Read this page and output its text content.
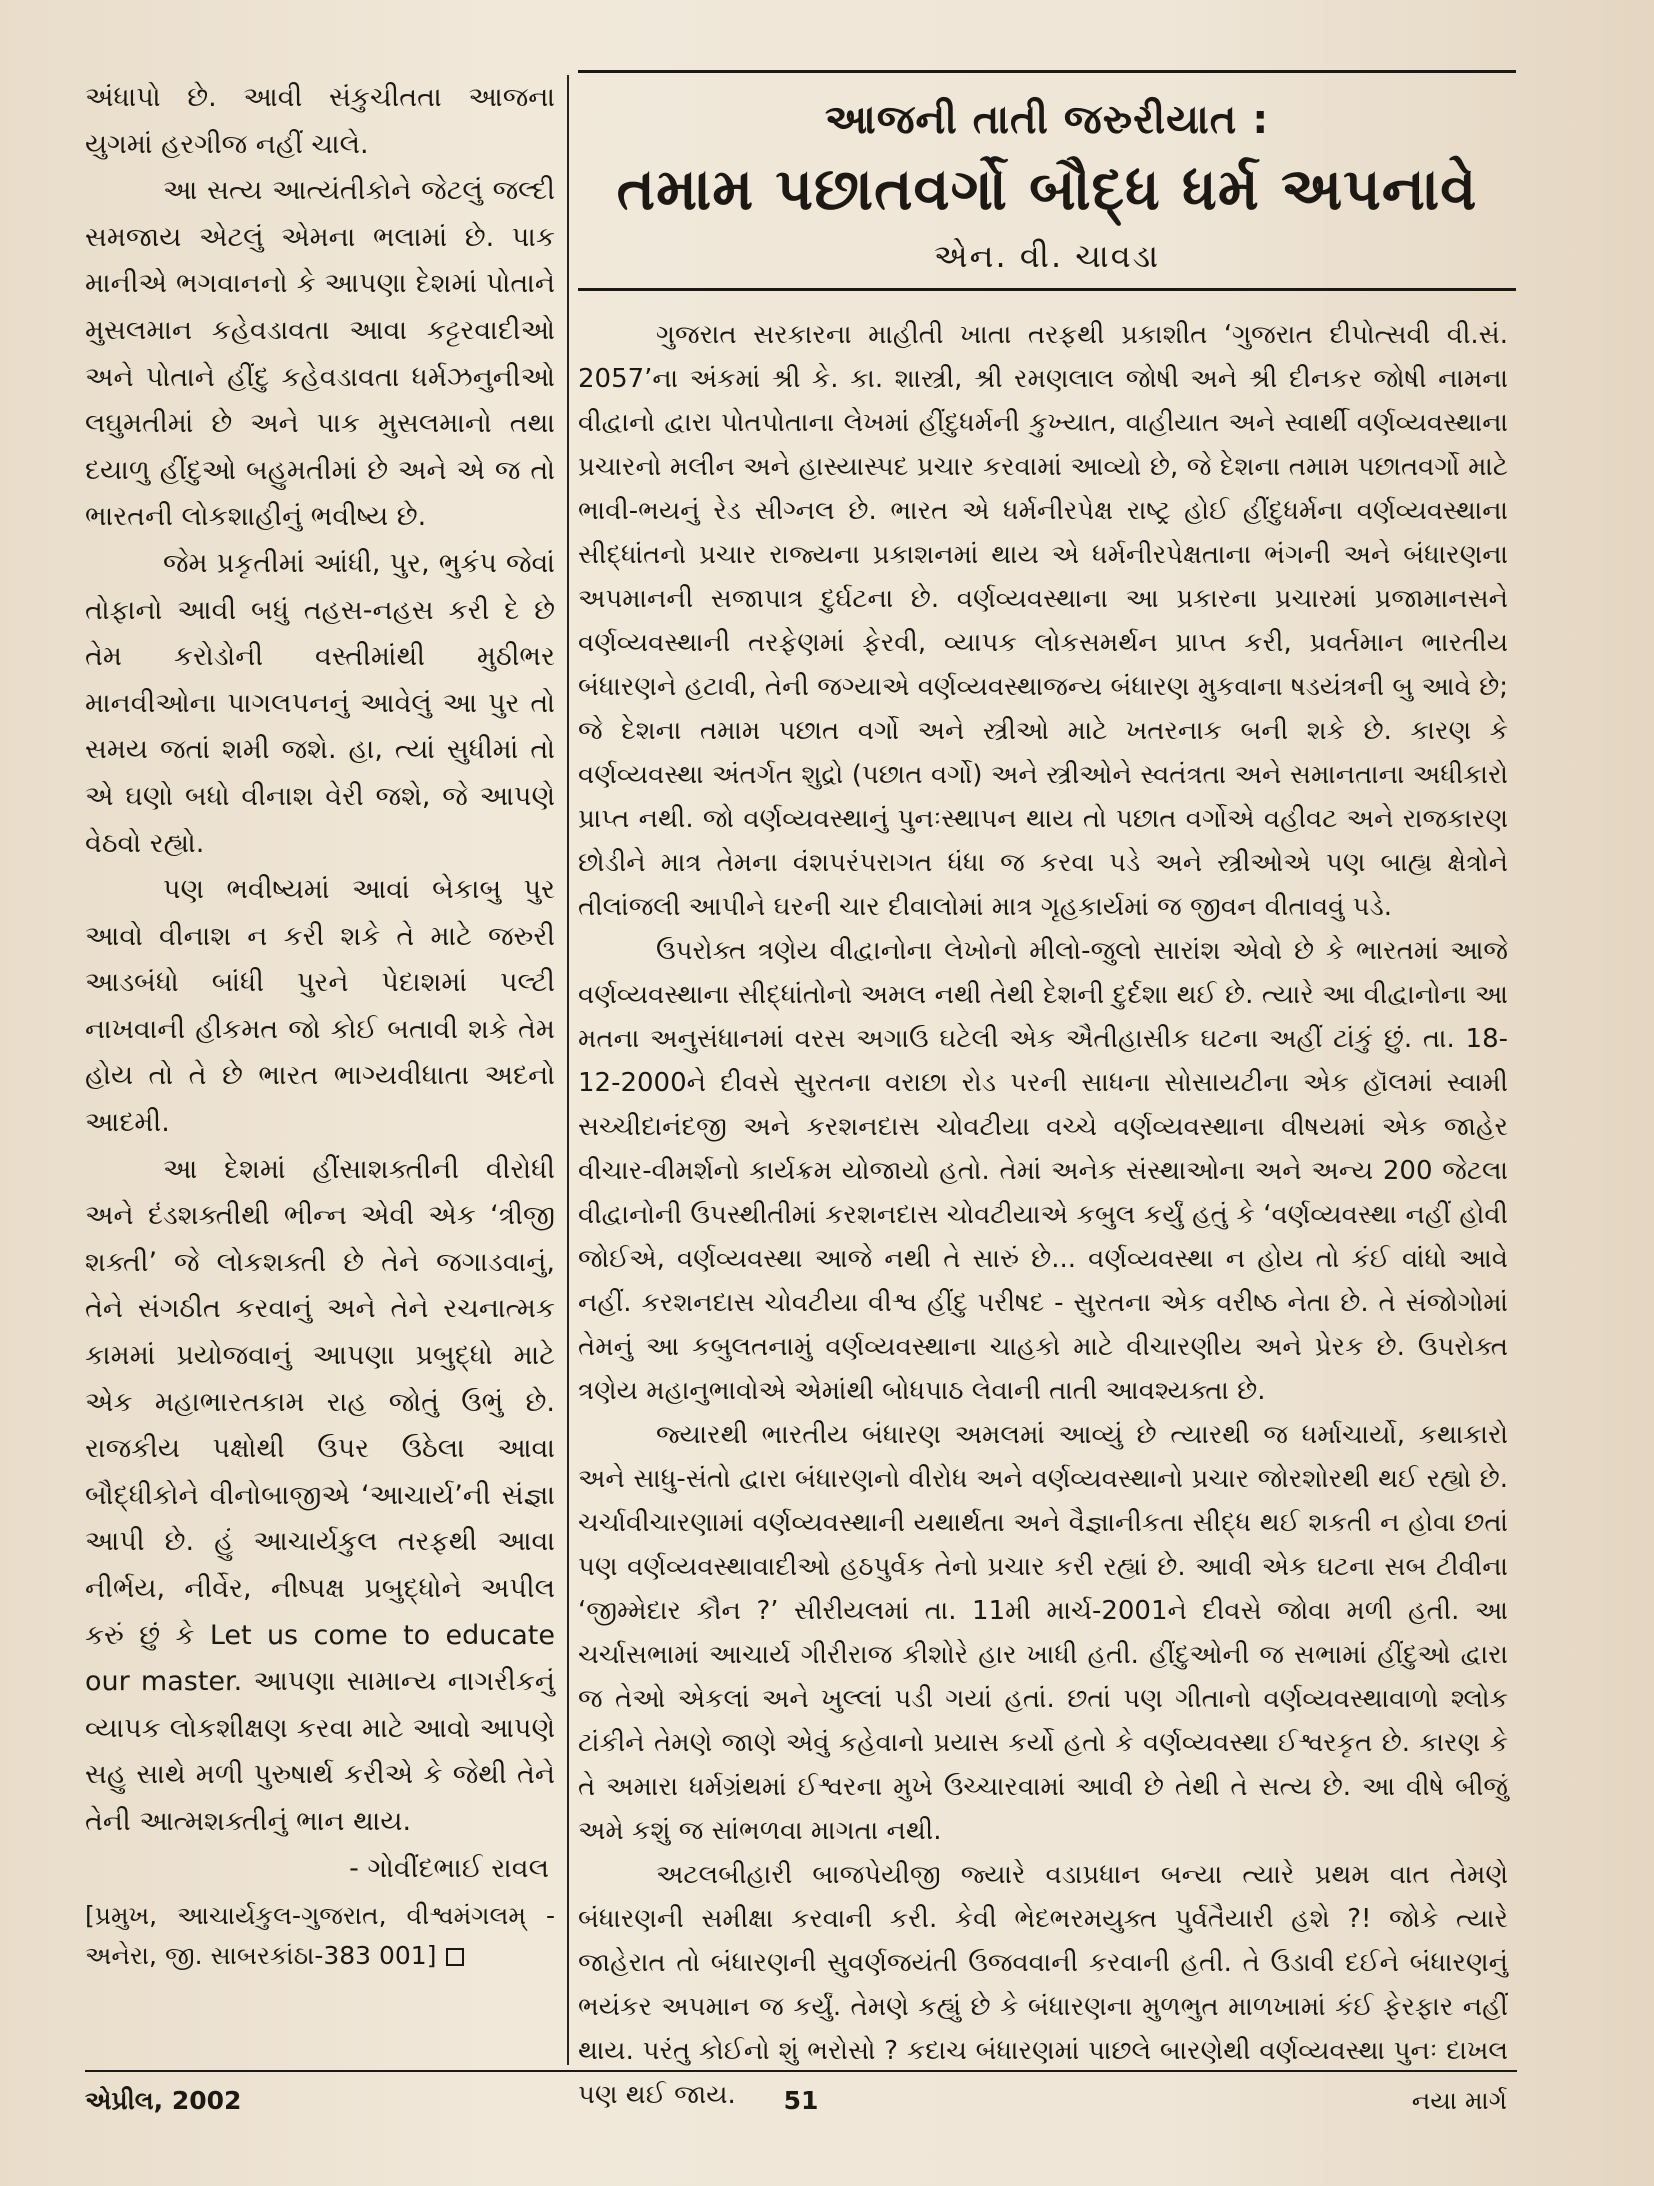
અંધાપો છે. આવી સંકુચીતતા આજના યુગમાં હરગીજ નહીં ચાલે.

આ સત્ય આત્યંતીકોને જેટલું જલ્દી સમજાય એટલું એમના ભલામાં છે. પાક માનીએ ભગવાનનો કે આપણા દેશમાં પોતાને મુસલમાન કહેવડાવતા આવા કટ્ટરવાદીઓ અને પોતાને હીંદુ કહેવડાવતા ધર્મઝનુનીઓ લઘુમતીમાં છે અને પાક મુસલમાનો તથા દયાળુ હીંદુઓ બહુમતીમાં છે અને એ જ તો ભારતની લોકશાહીનું ભવીષ્ય છે.

જેમ પ્રકૃતીમાં આંધી, પુર, ભુકંપ જેવાં તોફાનો આવી બધું તહસ-નહસ કરી દે છે તેમ કરોડોની વસ્તીમાંથી મુઠીભર માનવીઓના પાગલપનનું આવેલું આ પુર તો સમય જતાં શમી જશે. હા, ત્યાં સુધીમાં તો એ ઘણો બધો વીનાશ વેરી જશે, જે આપણે વેઠવો રહ્યો.

પણ ભવીષ્યમાં આવાં બેકાબુ પુર આવો વીનાશ ન કરી શકે તે માટે જરુરી આડબંધો બાંધી પુરને પેદાશમાં પલ્ટી નાખવાની હીકમત જો કોઈ બતાવી શકે તેમ હોય તો તે છે ભારત ભાગ્યવીધાતા અદનો આદમી.

આ દેશમાં હીંસાશક્તીની વીરોધી અને દંડશક્તીથી ભીન્ન એવી એક ‘ત્રીજી શક્તી’ જે લોકશક્તી છે તેને જગાડવાનું, તેને સંગઠીત કરવાનું અને તેને રચનાત્મક કામમાં પ્રયોજવાનું આપણા પ્રબુદ્ધો માટે એક મહાભારતકામ રાહ જોતું ઉભું છે. રાજકીય પક્ષોથી ઉપર ઉઠેલા આવા બૌદ્ધીકોને વીનોબાજીએ ‘આચાર્ય’ની સંજ્ઞા આપી છે. હું આચાર્યકુલ તરફથી આવા નીર્ભય, નીર્વેર, નીષ્પક્ષ પ્રબુદ્ધોને અપીલ કરું છું કે Let us come to educate our master. આપણા સામાન્ય નાગરીકનું વ્યાપક લોકશીક્ષણ કરવા માટે આવો આપણે સહુ સાથે મળી પુરુષાર્થ કરીએ કે જેથી તેને તેની આત્મશક્તીનું ભાન થાય.

- ગોવીંદભાઈ રાવલ

[પ્રમુખ, આચાર્યકુલ-ગુજરાત, વીશ્વમંગલમ્ - અનેરા, જી. સાબરકાંઠા-383 001]

આજની તાતી જરુરીયાત :
તમામ પછાતવર્ગો બૌદ્ધ ધર્મ અપનાવે
એન. વી. ચાવડા

ગુજરાત સરકારના માહીતી ખાતા તરફથી પ્રકાશીત ‘ગુજરાત દીપોત્સવી વી.સં. 2057’ના અંકમાં શ્રી કે. કા. શાસ્ત્રી, શ્રી રમણલાલ જોષી અને શ્રી દીનકર જોષી નામના વીદ્વાનો દ્વારા પોતપોતાના લેખમાં હીંદુધર્મની કુખ્યાત, વાહીયાત અને સ્વાર્થી વર્ણવ્યવસ્થાના પ્રચારનો મલીન અને હાસ્યાસ્પદ પ્રચાર કરવામાં આવ્યો છે, જે દેશના તમામ પછાતવર્ગો માટે ભાવી-ભયનું રેડ સીગ્નલ છે. ભારત એ ધર્મનીરપેક્ષ રાષ્ટ્ર હોઈ હીંદુધર્મના વર્ણવ્યવસ્થાના સીદ્ધાંતનો પ્રચાર રાજ્યના પ્રકાશનમાં થાય એ ધર્મનીરપેક્ષતાના ભંગની અને બંધારણના અપમાનની સજાપાત્ર દુર્ઘટના છે. વર્ણવ્યવસ્થાના આ પ્રકારના પ્રચારમાં પ્રજામાનસને વર્ણવ્યવસ્થાની તરફેણમાં ફેરવી, વ્યાપક લોકસમર્થન પ્રાપ્ત કરી, પ્રવર્તમાન ભારતીય બંધારણને હટાવી, તેની જગ્યાએ વર્ણવ્યવસ્થાજન્ય બંધારણ મુકવાના ષડયંત્રની બુ આવે છે; જે દેશના તમામ પછાત વર્ગો અને સ્ત્રીઓ માટે ખતરનાક બની શકે છે. કારણ કે વર્ણવ્યવસ્થા અંતર્ગત શુદ્રો (પછાત વર્ગો) અને સ્ત્રીઓને સ્વતંત્રતા અને સમાનતાના અધીકારો પ્રાપ્ત નથી. જો વર્ણવ્યવસ્થાનું પુનઃસ્થાપન થાય તો પછાત વર્ગોએ વહીવટ અને રાજકારણ છોડીને માત્ર તેમના વંશપરંપરાગત ધંધા જ કરવા પડે અને સ્ત્રીઓએ પણ બાહ્ય ક્ષેત્રોને તીલાંજલી આપીને ઘરની ચાર દીવાલોમાં માત્ર ગૃહકાર્યમાં જ જીવન વીતાવવું પડે.

ઉપરોક્ત ત્રણેય વીદ્વાનોના લેખોનો મીલો-જુલો સારાંશ એવો છે કે ભારતમાં આજે વર્ણવ્યવસ્થાના સીદ્ધાંતોનો અમલ નથી તેથી દેશની દુર્દશા થઈ છે. ત્યારે આ વીદ્વાનોના આ મતના અનુસંધાનમાં વરસ અગાઉ ઘટેલી એક ઐતીહાસીક ઘટના અહીં ટાંકું છું. તા. 18-12-2000ને દીવસે સુરતના વરાછા રોડ પરની સાધના સોસાયટીના એક હૉલમાં સ્વામી સચ્ચીદાનંદજી અને કરશનદાસ ચોવટીયા વચ્ચે વર્ણવ્યવસ્થાના વીષયમાં એક જાહેર વીચાર-વીમર્શનો કાર્યક્રમ યોજાયો હતો. તેમાં અનેક સંસ્થાઓના અને અન્ય 200 જેટલા વીદ્વાનોની ઉપસ્થીતીમાં કરશનદાસ ચોવટીયાએ કબુલ કર્યું હતું કે ‘વર્ણવ્યવસ્થા નહીં હોવી જોઈએ, વર્ણવ્યવસ્થા આજે નથી તે સારું છે... વર્ણવ્યવસ્થા ન હોય તો કંઈ વાંધો આવે નહીં. કરશનદાસ ચોવટીયા વીશ્વ હીંદુ પરીષદ - સુરતના એક વરીષ્ઠ નેતા છે. તે સંજોગોમાં તેમનું આ કબુલતનામું વર્ણવ્યવસ્થાના ચાહકો માટે વીચારણીય અને પ્રેરક છે. ઉપરોક્ત ત્રણેય મહાનુભાવોએ એમાંથી બોધપાઠ લેવાની તાતી આવશ્યક્તા છે.

જ્યારથી ભારતીય બંધારણ અમલમાં આવ્યું છે ત્યારથી જ ધર્માચાર્યો, કથાકારો અને સાધુ-સંતો દ્વારા બંધારણનો વીરોધ અને વર્ણવ્યવસ્થાનો પ્રચાર જોરશોરથી થઈ રહ્યો છે. ચર્ચાવીચારણામાં વર્ણવ્યવસ્થાની યથાર્થતા અને વૈજ્ઞાનીકતા સીદ્ધ થઈ શકતી ન હોવા છતાં પણ વર્ણવ્યવસ્થાવાદીઓ હઠપુર્વક તેનો પ્રચાર કરી રહ્યાં છે. આવી એક ઘટના સબ ટીવીના ‘જીમ્મેદાર કૌન ?’ સીરીયલમાં તા. 11મી માર્ચ-2001ને દીવસે જોવા મળી હતી. આ ચર્ચાસભામાં આચાર્ય ગીરીરાજ કીશોરે હાર ખાધી હતી. હીંદુઓની જ સભામાં હીંદુઓ દ્વારા જ તેઓ એકલાં અને ખુલ્લાં પડી ગયાં હતાં. છતાં પણ ગીતાનો વર્ણવ્યવસ્થાવાળો શ્લોક ટાંકીને તેમણે જાણે એવું કહેવાનો પ્રયાસ કર્યો હતો કે વર્ણવ્યવસ્થા ઈશ્વરકૃત છે. કારણ કે તે અમારા ધર્મગ્રંથમાં ઈશ્વરના મુખે ઉચ્ચારવામાં આવી છે તેથી તે સત્ય છે. આ વીષે બીજું અમે કશું જ સાંભળવા માગતા નથી.

અટલબીહારી બાજપેયીજી જ્યારે વડાપ્રધાન બન્યા ત્યારે પ્રથમ વાત તેમણે બંધારણની સમીક્ષા કરવાની કરી. કેવી ભેદભરમયુક્ત પુર્વતૈયારી હશે ?! જોકે ત્યારે જાહેરાત તો બંધારણની સુવર્ણજયંતી ઉજવવાની કરવાની હતી. તે ઉડાવી દઈને બંધારણનું ભયંકર અપમાન જ કર્યું. તેમણે કહ્યું છે કે બંધારણના મુળભુત માળખામાં કંઈ ફેરફાર નહીં થાય. પરંતુ કોઈનો શું ભરોસો ? કદાચ બંધારણમાં પાછલે બારણેથી વર્ણવ્યવસ્થા પુનઃ દાખલ પણ થઈ જાય.

એપ્રીલ, 2002	51	નયા માર્ગ
